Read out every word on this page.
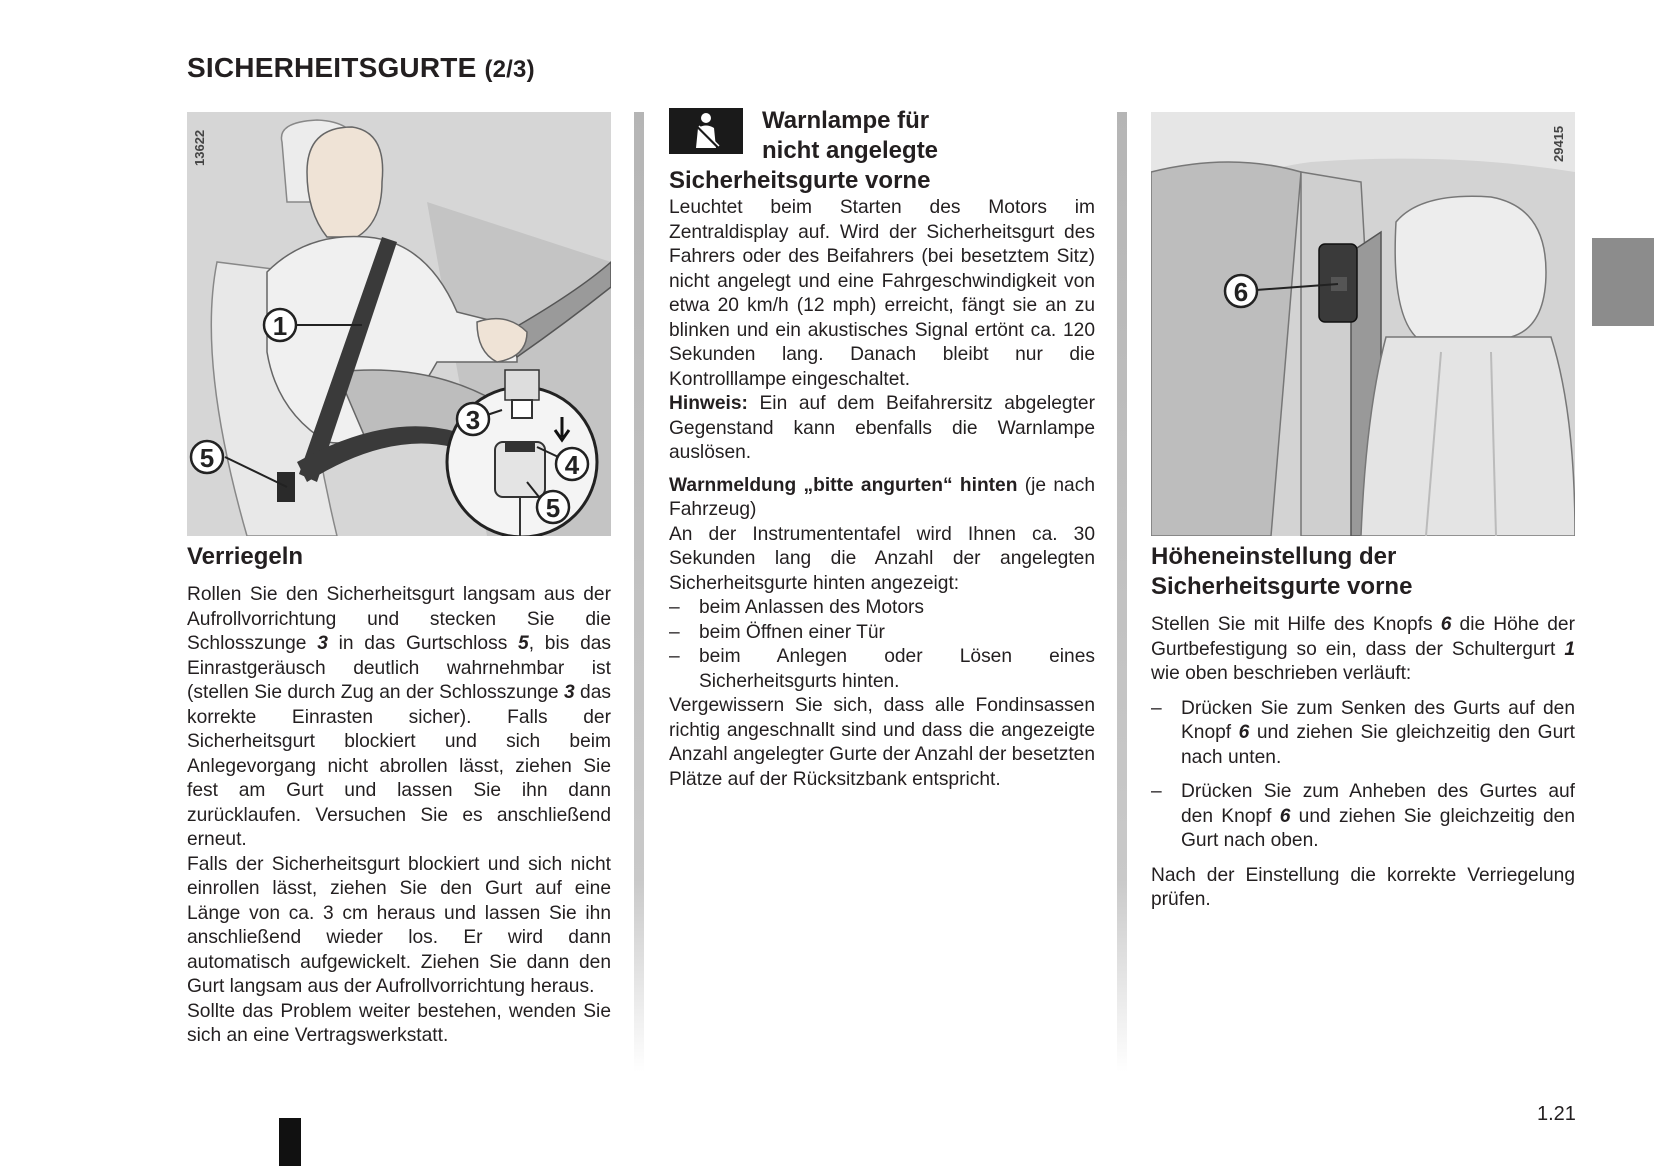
SICHERHEITSGURTE (2/3)
1
3
4
5
5
13622
Verriegeln

Rollen Sie den Sicherheitsgurt langsam aus der Aufrollvorrichtung und stecken Sie die Schlosszunge 3 in das Gurtschloss 5, bis das Einrastgeräusch deutlich wahrnehmbar ist (stellen Sie durch Zug an der Schlosszunge 3 das korrekte Einrasten sicher). Falls der Sicherheitsgurt blockiert und sich beim Anlegevorgang nicht abrollen lässt, ziehen Sie fest am Gurt und lassen Sie ihn dann zurücklaufen. Versuchen Sie es anschließend erneut.

Falls der Sicherheitsgurt blockiert und sich nicht einrollen lässt, ziehen Sie den Gurt auf eine Länge von ca. 3 cm heraus und lassen Sie ihn anschließend wieder los. Er wird dann automatisch aufgewickelt. Ziehen Sie dann den Gurt langsam aus der Aufrollvorrichtung heraus.

Sollte das Problem weiter bestehen, wenden Sie sich an eine Vertragswerkstatt.

Warnlampe für
nicht angelegte
Sicherheitsgurte vorne

Leuchtet beim Starten des Motors im Zentraldisplay auf. Wird der Sicherheitsgurt des Fahrers oder des Beifahrers (bei besetztem Sitz) nicht angelegt und eine Fahrgeschwindigkeit von etwa 20 km/h (12 mph) erreicht, fängt sie an zu blinken und ein akustisches Signal ertönt ca. 120 Sekunden lang. Danach bleibt nur die Kontrolllampe eingeschaltet.

Hinweis: Ein auf dem Beifahrersitz abgelegter Gegenstand kann ebenfalls die Warnlampe auslösen.

Warnmeldung „bitte angurten“ hinten (je nach Fahrzeug)

An der Instrumententafel wird Ihnen ca. 30 Sekunden lang die Anzahl der angelegten Sicherheitsgurte hinten angezeigt:

– beim Anlassen des Motors
– beim Öffnen einer Tür
– beim Anlegen oder Lösen eines Sicherheitsgurts hinten.

Vergewissern Sie sich, dass alle Fondinsassen richtig angeschnallt sind und dass die angezeigte Anzahl angelegter Gurte der Anzahl der besetzten Plätze auf der Rücksitzbank entspricht.

6
29415
Höheneinstellung der
Sicherheitsgurte vorne

Stellen Sie mit Hilfe des Knopfs 6 die Höhe der Gurtbefestigung so ein, dass der Schultergurt 1 wie oben beschrieben verläuft:

– Drücken Sie zum Senken des Gurts auf den Knopf 6 und ziehen Sie gleichzeitig den Gurt nach unten.
– Drücken Sie zum Anheben des Gurtes auf den Knopf 6 und ziehen Sie gleichzeitig den Gurt nach oben.

Nach der Einstellung die korrekte Verriegelung prüfen.

1.21
